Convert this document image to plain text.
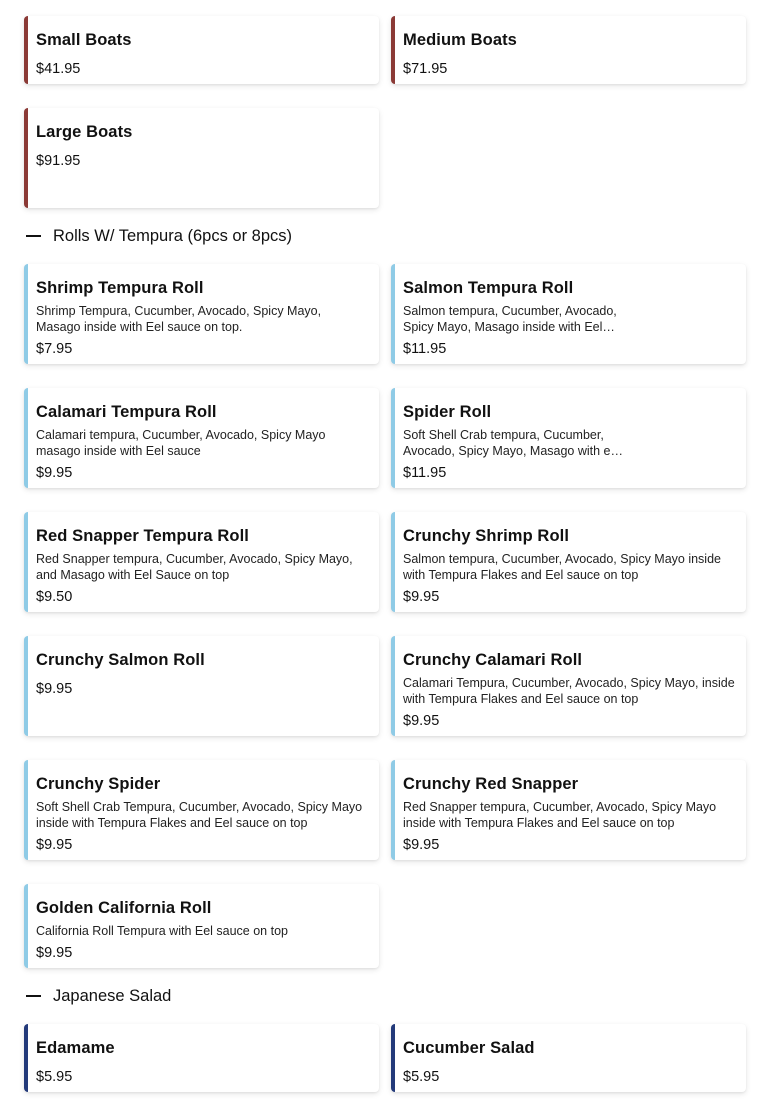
Small Boats
$41.95
Medium Boats
$71.95
Large Boats
$91.95
Rolls W/ Tempura (6pcs or 8pcs)
Shrimp Tempura Roll
Shrimp Tempura, Cucumber, Avocado, Spicy Mayo, Masago inside with Eel sauce on top.
$7.95
Salmon Tempura Roll
Salmon tempura, Cucumber, Avocado, Spicy Mayo, Masago inside with Eel…
$11.95
Calamari Tempura Roll
Calamari tempura, Cucumber, Avocado, Spicy Mayo masago inside with Eel sauce
$9.95
Spider Roll
Soft Shell Crab tempura, Cucumber, Avocado, Spicy Mayo, Masago with e…
$11.95
Red Snapper Tempura Roll
Red Snapper tempura, Cucumber, Avocado, Spicy Mayo, and Masago with Eel Sauce on top
$9.50
Crunchy Shrimp Roll
Salmon tempura, Cucumber, Avocado, Spicy Mayo inside with Tempura Flakes and Eel sauce on top
$9.95
Crunchy Salmon Roll
$9.95
Crunchy Calamari Roll
Calamari Tempura, Cucumber, Avocado, Spicy Mayo, inside with Tempura Flakes and Eel sauce on top
$9.95
Crunchy Spider
Soft Shell Crab Tempura, Cucumber, Avocado, Spicy Mayo inside with Tempura Flakes and Eel sauce on top
$9.95
Crunchy Red Snapper
Red Snapper tempura, Cucumber, Avocado, Spicy Mayo inside with Tempura Flakes and Eel sauce on top
$9.95
Golden California Roll
California Roll Tempura with Eel sauce on top
$9.95
Japanese Salad
Edamame
$5.95
Cucumber Salad
$5.95
